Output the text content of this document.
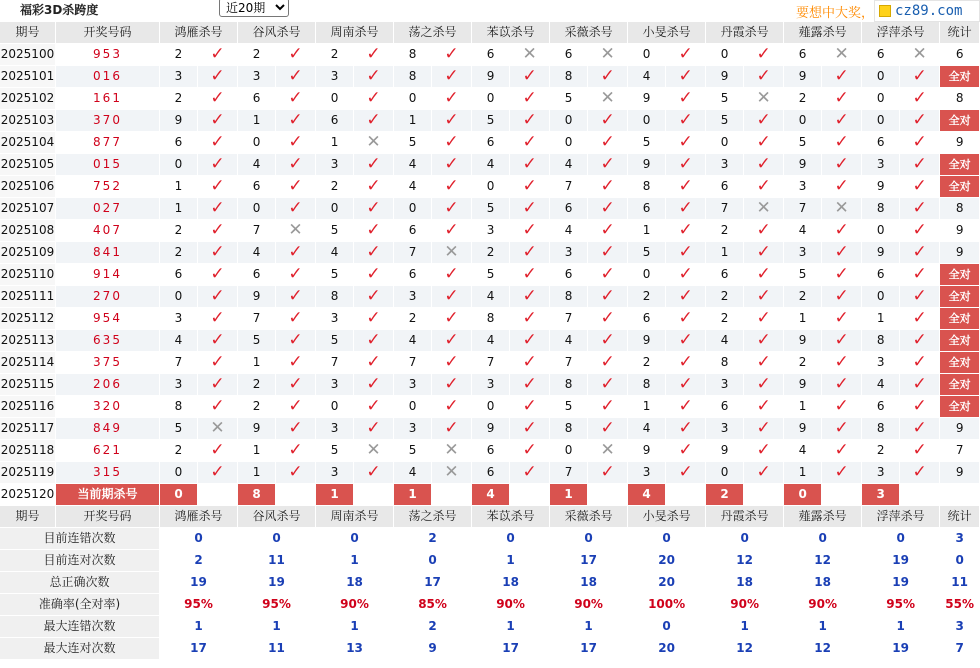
福彩3D杀跨度
近20期	要想中大奖， cz89.com
期号	开奖号码	鸿雁杀号		谷风杀号		周南杀号		荡之杀号		苯苡杀号		采薇杀号		小旻杀号		丹霞杀号		薤露杀号		浮萍杀号		统计
2025100	953	2	✓	2	✓	2	✓	8	✓	6	✕	6	✕	0	✓	0	✓	6	✕	6	✕	6
2025101	016	3	✓	3	✓	3	✓	8	✓	9	✓	8	✓	4	✓	9	✓	9	✓	0	✓	全对
2025102	161	2	✓	6	✓	0	✓	0	✓	0	✓	5	✕	9	✓	5	✕	2	✓	0	✓	8
2025103	370	9	✓	1	✓	6	✓	1	✓	5	✓	0	✓	0	✓	5	✓	0	✓	0	✓	全对
2025104	877	6	✓	0	✓	1	✕	5	✓	6	✓	0	✓	5	✓	0	✓	5	✓	6	✓	9
2025105	015	0	✓	4	✓	3	✓	4	✓	4	✓	4	✓	9	✓	3	✓	9	✓	3	✓	全对
2025106	752	1	✓	6	✓	2	✓	4	✓	0	✓	7	✓	8	✓	6	✓	3	✓	9	✓	全对
2025107	027	1	✓	0	✓	0	✓	0	✓	5	✓	6	✓	6	✓	7	✕	7	✕	8	✓	8
2025108	407	2	✓	7	✕	5	✓	6	✓	3	✓	4	✓	1	✓	2	✓	4	✓	0	✓	9
2025109	841	2	✓	4	✓	4	✓	7	✕	2	✓	3	✓	5	✓	1	✓	3	✓	9	✓	9
2025110	914	6	✓	6	✓	5	✓	6	✓	5	✓	6	✓	0	✓	6	✓	5	✓	6	✓	全对
2025111	270	0	✓	9	✓	8	✓	3	✓	4	✓	8	✓	2	✓	2	✓	2	✓	0	✓	全对
2025112	954	3	✓	7	✓	3	✓	2	✓	8	✓	7	✓	6	✓	2	✓	1	✓	1	✓	全对
2025113	635	4	✓	5	✓	5	✓	4	✓	4	✓	4	✓	9	✓	4	✓	9	✓	8	✓	全对
2025114	375	7	✓	1	✓	7	✓	7	✓	7	✓	7	✓	2	✓	8	✓	2	✓	3	✓	全对
2025115	206	3	✓	2	✓	3	✓	3	✓	3	✓	8	✓	8	✓	3	✓	9	✓	4	✓	全对
2025116	320	8	✓	2	✓	0	✓	0	✓	0	✓	5	✓	1	✓	6	✓	1	✓	6	✓	全对
2025117	849	5	✕	9	✓	3	✓	3	✓	9	✓	8	✓	4	✓	3	✓	9	✓	8	✓	9
2025118	621	2	✓	1	✓	5	✕	5	✕	6	✓	0	✕	9	✓	9	✓	4	✓	2	✓	7
2025119	315	0	✓	1	✓	3	✓	4	✕	6	✓	7	✓	3	✓	0	✓	1	✓	3	✓	9
2025120	当前期杀号	0		8		1		1		4		1		4		2		0		3		
期号	开奖号码	鸿雁杀号		谷风杀号		周南杀号		荡之杀号		苯苡杀号		采薇杀号		小旻杀号		丹霞杀号		薤露杀号		浮萍杀号		统计
目前连错次数		0		0		0		2		0		0		0		0		0		0		3
目前连对次数		2		11		1		0		1		17		20		12		12		19		0
总正确次数		19		19		18		17		18		18		20		18		18		19		11
准确率(全对率)		95%		95%		90%		85%		90%		90%		100%		90%		90%		95%		55%
最大连错次数		1		1		1		2		1		1		0		1		1		1		3
最大连对次数		17		11		13		9		17		17		20		12		12		19		7
